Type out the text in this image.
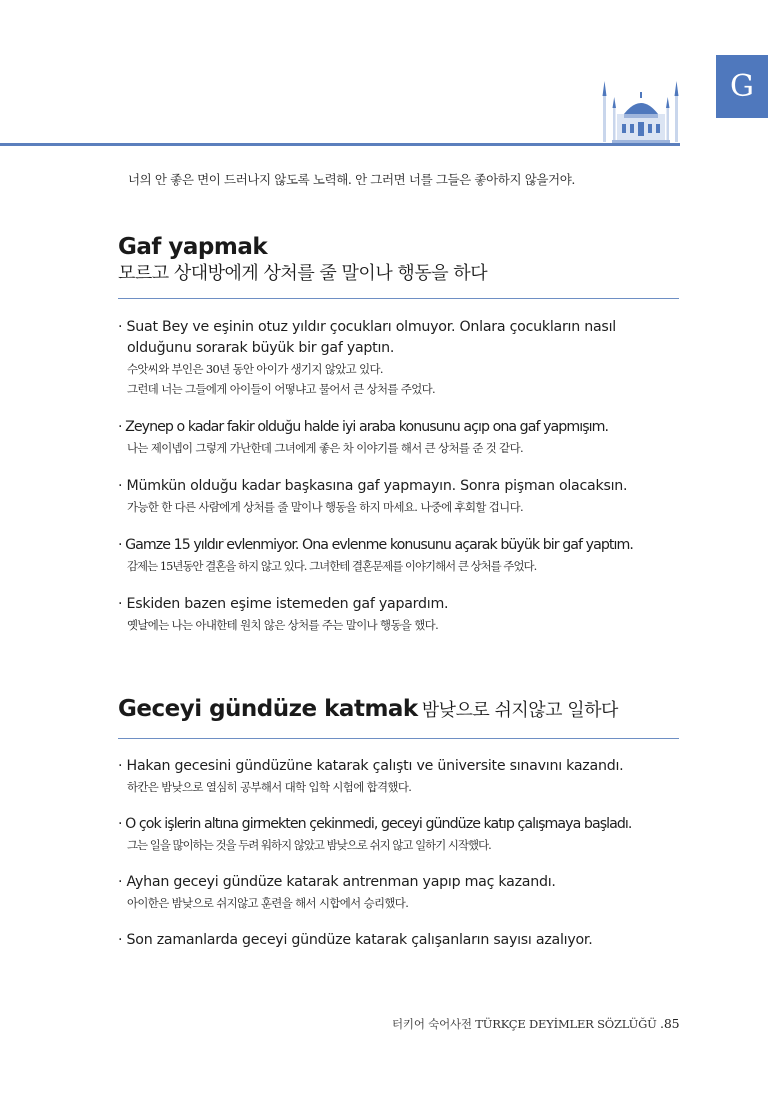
G
너의 안 좋은 면이 드러나지 않도록 노력해. 안 그러면 너를 그들은 좋아하지 않을거야.
Gaf yapmak
모르고 상대방에게 상처를 줄 말이나 행동을 하다
· Suat Bey ve eşinin otuz yıldır çocukları olmuyor. Onlara çocukların nasıl olduğunu sorarak büyük bir gaf yaptın.
수앗씨와 부인은 30년 동안 아이가 생기지 않았고 있다.
그런데 너는 그들에게 아이들이 어떻냐고 물어서 큰 상처를 주었다.
· Zeynep o kadar fakir olduğu halde iyi araba konusunu açıp ona gaf yapmışım.
나는 제이넵이 그렇게 가난한데 그녀에게 좋은 차 이야기를 해서 큰 상처를 준 것 같다.
· Mümkün olduğu kadar başkasına gaf yapmayın. Sonra pişman olacaksın.
가능한 한 다른 사람에게 상처를 줄 말이나 행동을 하지 마세요. 나중에 후회할 겁니다.
· Gamze 15 yıldır evlenmiyor. Ona evlenme konusunu açarak büyük bir gaf yaptım.
감제는 15년동안 결혼을 하지 않고 있다. 그녀한테 결혼문제를 이야기해서 큰 상처를 주었다.
· Eskiden bazen eşime istemeden gaf yapardım.
옛날에는 나는 아내한테 원치 않은 상처를 주는 말이나 행동을 했다.
Geceyi gündüze katmak 밤낮으로 쉬지않고 일하다
· Hakan gecesini gündüzüne katarak çalıştı ve üniversite sınavını kazandı.
하칸은 밤낮으로 열심히 공부해서 대학 입학 시험에 합격했다.
· O çok işlerin altına girmekten çekinmedi, geceyi gündüze katıp çalışmaya başladı.
그는 일을 많이하는 것을 두려 워하지 않았고 밤낮으로 쉬지 않고 일하기 시작했다.
· Ayhan geceyi gündüze katarak antrenman yapıp maç kazandı.
아이한은 밤낮으로 쉬지않고 훈련을 해서 시합에서 승리했다.
· Son zamanlarda geceyi gündüze katarak çalışanların sayısı azalıyor.
터키어 숙어사전 TÜRKÇE DEYİMLER SÖZLÜĞÜ .85
